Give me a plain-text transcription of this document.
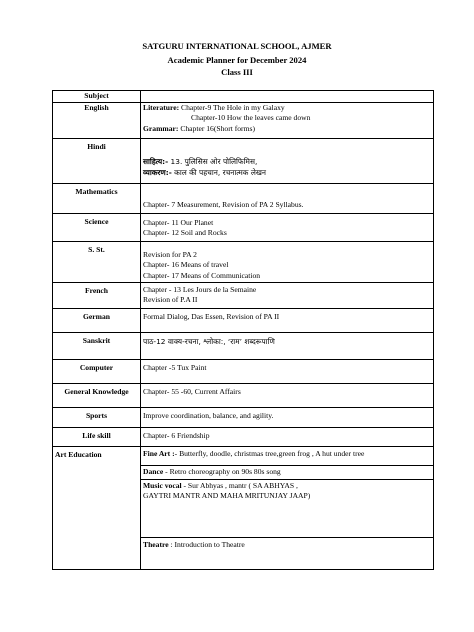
SATGURU INTERNATIONAL SCHOOL, AJMER
Academic Planner for December 2024
Class III
Subject	
English	Literature: Chapter-9 The Hole in my Galaxy
Chapter-10 How the leaves came down
Grammar: Chapter 16(Short forms)

Hindi	साहित्य:- 13. पुलिसिस ओर पोलिफिमिस,
व्याकरण:- काल की पहचान, रचनात्मक लेखन

Mathematics	Chapter- 7 Measurement, Revision of PA 2 Syllabus.

Science	Chapter- 11 Our Planet
Chapter- 12 Soil and Rocks

S. St.	Revision for PA 2
Chapter- 16 Means of travel
Chapter- 17 Means of Communication

French	Chapter - 13 Les Jours de la Semaine
Revision of P.A II

German	Formal Dialog, Das Essen, Revision of PA II

Sanskrit	पाठ-12 वाक्य-रचना, श्लोका:, ‘राम’ शब्दरूपाणि

Computer	Chapter -5 Tux Paint

General Knowledge	Chapter- 55 -60, Current Affairs

Sports	Improve coordination, balance, and agility.

Life skill	Chapter- 6 Friendship

Art Education	Fine Art :- Butterfly, doodle, christmas tree,green frog , A hut under tree
Dance - Retro choreography on 90s 80s song
Music vocal - Sur Abhyas , mantr ( SA ABHYAS ,
GAYTRI MANTR AND MAHA MRITUNJAY JAAP)
Theatre : Introduction to Theatre
